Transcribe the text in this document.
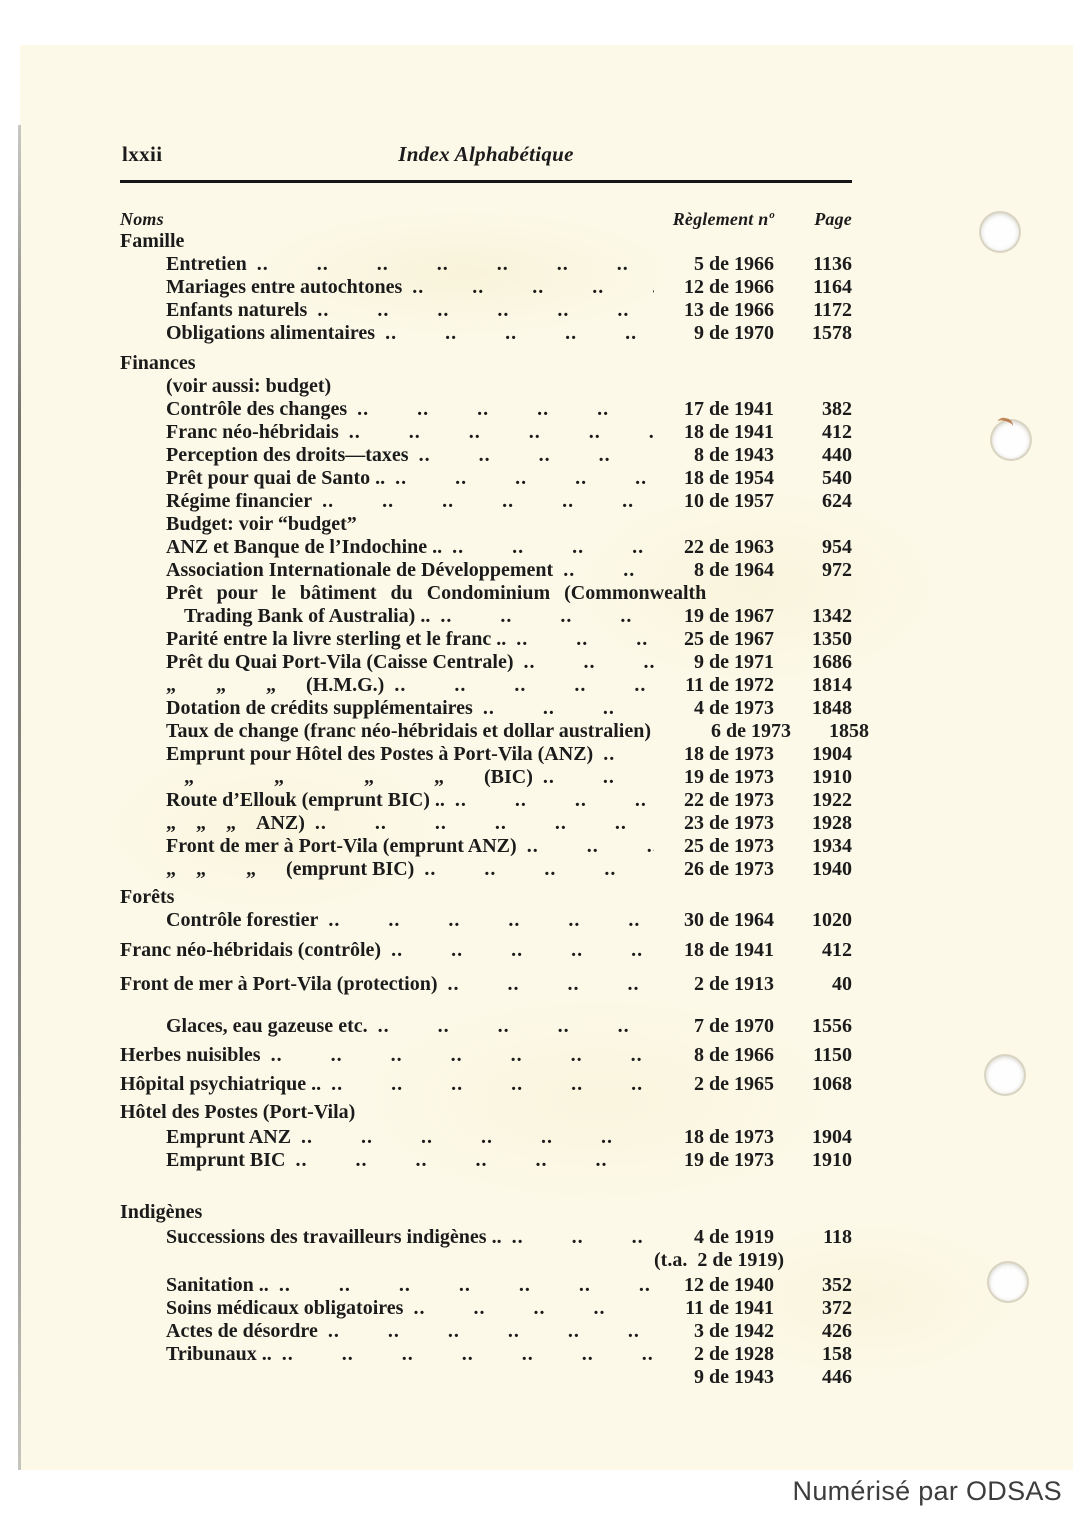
lxxii	Index Alphabétique
Noms	Règlement nº	Page
Famille
Entretien .. ..	5 de 1966	1136
Mariages entre autochtones .. ..	12 de 1966	1164
Enfants naturels .. ..	13 de 1966	1172
Obligations alimentaires .. ..	9 de 1970	1578
Finances
(voir aussi: budget)
Contrôle des changes .. ..	17 de 1941	382
Franc néo-hébridais .. ..	18 de 1941	412
Perception des droits—taxes .. ..	8 de 1943	440
Prêt pour quai de Santo .. .. ..	18 de 1954	540
Régime financier .. ..	10 de 1957	624
Budget: voir “budget”
ANZ et Banque de l’Indochine .. .. ..	22 de 1963	954
Association Internationale de Développement .. ..	8 de 1964	972
Prêt pour le bâtiment du Condominium (Commonwealth
Trading Bank of Australia) .. .. ..	19 de 1967	1342
Parité entre la livre sterling et le franc .. .. ..	25 de 1967	1350
Prêt du Quai Port-Vila (Caisse Centrale) .. ..	9 de 1971	1686
„  „  „  (H.M.G.) .. ..	11 de 1972	1814
Dotation de crédits supplémentaires .. ..	4 de 1973	1848
Taux de change (franc néo-hébridais et dollar australien)	6 de 1973	1858
Emprunt pour Hôtel des Postes à Port-Vila (ANZ) .. ..	18 de 1973	1904
„    „    „   „  (BIC) .. ..	19 de 1973	1910
Route d’Ellouk (emprunt BIC) .. .. ..	22 de 1973	1922
„ „ „ ANZ) .. ..	23 de 1973	1928
Front de mer à Port-Vila (emprunt ANZ) .. ..	25 de 1973	1934
„ „  „  (emprunt BIC) .. ..	26 de 1973	1940
Forêts
Contrôle forestier .. ..	30 de 1964	1020
Franc néo-hébridais (contrôle) .. ..	18 de 1941	412
Front de mer à Port-Vila (protection) .. ..	2 de 1913	40
Glaces, eau gazeuse etc. .. ..	7 de 1970	1556
Herbes nuisibles .. ..	8 de 1966	1150
Hôpital psychiatrique .. .. ..	2 de 1965	1068
Hôtel des Postes (Port-Vila)
Emprunt ANZ .. ..	18 de 1973	1904
Emprunt BIC .. ..	19 de 1973	1910
Indigènes
Successions des travailleurs indigènes .. .. ..	4 de 1919	118
(t.a. 2 de 1919)
Sanitation .. .. ..	12 de 1940	352
Soins médicaux obligatoires .. ..	11 de 1941	372
Actes de désordre .. ..	3 de 1942	426
Tribunaux .. .. ..	2 de 1928	158
9 de 1943	446
Numérisé par ODSAS
